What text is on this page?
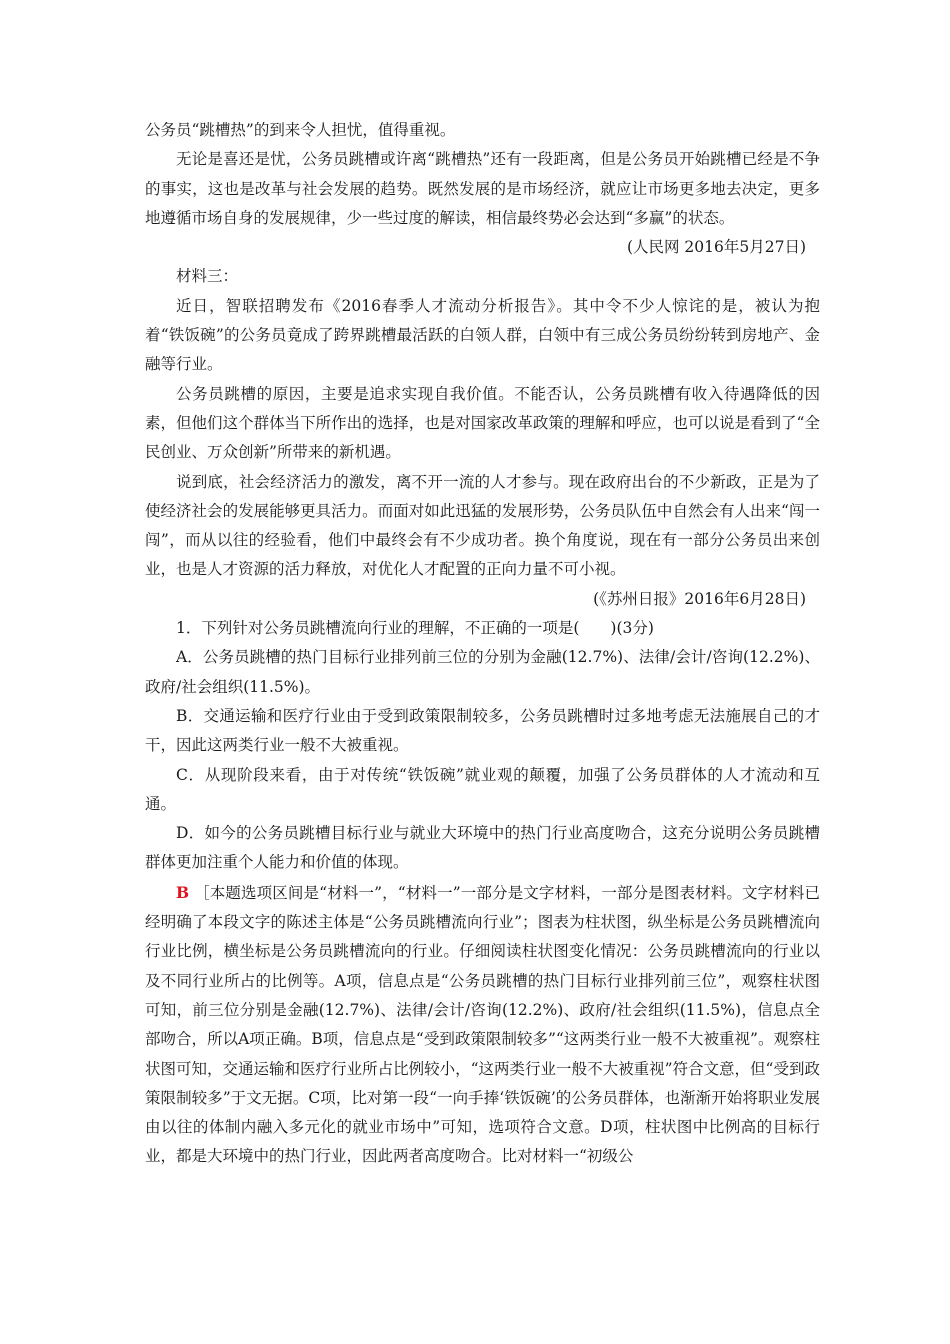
公务员“跳槽热”的到来令人担忧，值得重视。

无论是喜还是忧，公务员跳槽或许离“跳槽热”还有一段距离，但是公务员开始跳槽已经是不争的事实，这也是改革与社会发展的趋势。既然发展的是市场经济，就应让市场更多地去决定，更多地遵循市场自身的发展规律，少一些过度的解读，相信最终势必会达到“多赢”的状态。

(人民网 2016年5月27日)

材料三：

近日，智联招聘发布《2016春季人才流动分析报告》。其中令不少人惊诧的是，被认为抱着“铁饭碗”的公务员竟成了跨界跳槽最活跃的白领人群，白领中有三成公务员纷纷转到房地产、金融等行业。

公务员跳槽的原因，主要是追求实现自我价值。不能否认，公务员跳槽有收入待遇降低的因素，但他们这个群体当下所作出的选择，也是对国家改革政策的理解和呼应，也可以说是看到了“全民创业、万众创新”所带来的新机遇。

说到底，社会经济活力的激发，离不开一流的人才参与。现在政府出台的不少新政，正是为了使经济社会的发展能够更具活力。而面对如此迅猛的发展形势，公务员队伍中自然会有人出来“闯一闯”，而从以往的经验看，他们中最终会有不少成功者。换个角度说，现在有一部分公务员出来创业，也是人才资源的活力释放，对优化人才配置的正向力量不可小视。

(《苏州日报》2016年6月28日)

1．下列针对公务员跳槽流向行业的理解，不正确的一项是(　　)(3分)

A．公务员跳槽的热门目标行业排列前三位的分别为金融(12.7%)、法律/会计/咨询(12.2%)、政府/社会组织(11.5%)。

B．交通运输和医疗行业由于受到政策限制较多，公务员跳槽时过多地考虑无法施展自己的才干，因此这两类行业一般不大被重视。

C．从现阶段来看，由于对传统“铁饭碗”就业观的颠覆，加强了公务员群体的人才流动和互通。

D．如今的公务员跳槽目标行业与就业大环境中的热门行业高度吻合，这充分说明公务员跳槽群体更加注重个人能力和价值的体现。

B ［本题选项区间是“材料一”，“材料一”一部分是文字材料，一部分是图表材料。文字材料已经明确了本段文字的陈述主体是“公务员跳槽流向行业”；图表为柱状图，纵坐标是公务员跳槽流向行业比例，横坐标是公务员跳槽流向的行业。仔细阅读柱状图变化情况：公务员跳槽流向的行业以及不同行业所占的比例等。A项，信息点是“公务员跳槽的热门目标行业排列前三位”，观察柱状图可知，前三位分别是金融(12.7%)、法律/会计/咨询(12.2%)、政府/社会组织(11.5%)，信息点全部吻合，所以A项正确。B项，信息点是“受到政策限制较多”“这两类行业一般不大被重视”。观察柱状图可知，交通运输和医疗行业所占比例较小，“这两类行业一般不大被重视”符合文意，但“受到政策限制较多”于文无据。C项，比对第一段“一向手捧‘铁饭碗’的公务员群体，也渐渐开始将职业发展由以往的体制内融入多元化的就业市场中”可知，选项符合文意。D项，柱状图中比例高的目标行业，都是大环境中的热门行业，因此两者高度吻合。比对材料一“初级公
